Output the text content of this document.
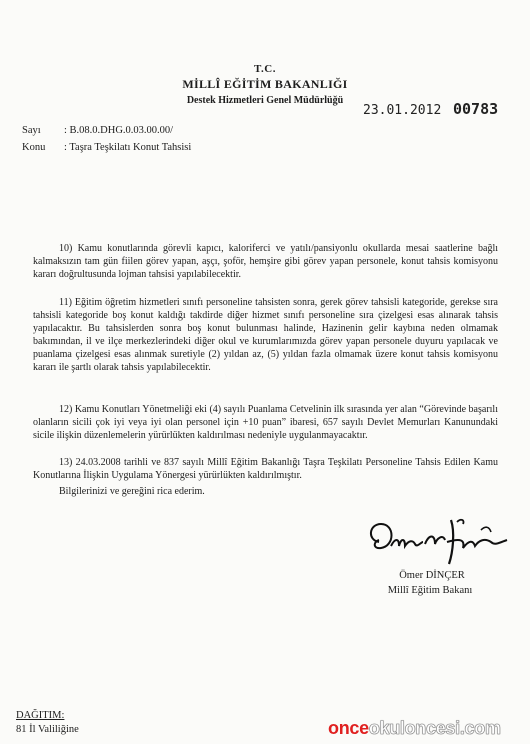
T.C.
MİLLÎ EĞİTİM BAKANLIĞI
Destek Hizmetleri Genel Müdürlüğü
23.01.2012 00783
Sayı : B.08.0.DHG.0.03.00.00/
Konu : Taşra Teşkilatı Konut Tahsisi

10) Kamu konutlarında görevli kapıcı, kaloriferci ve yatılı/pansiyonlu okullarda mesai saatlerine bağlı kalmaksızın tam gün fiilen görev yapan, aşçı, şoför, hemşire gibi görev yapan personele, konut tahsis komisyonu kararı doğrultusunda lojman tahsisi yapılabilecektir.

11) Eğitim öğretim hizmetleri sınıfı personeline tahsisten sonra, gerek görev tahsisli kategoride, gerekse sıra tahsisli kategoride boş konut kaldığı takdirde diğer hizmet sınıfı personeline sıra çizelgesi esas alınarak tahsis yapılacaktır. Bu tahsislerden sonra boş konut bulunması halinde, Hazinenin gelir kaybına neden olmamak bakımından, il ve ilçe merkezlerindeki diğer okul ve kurumlarımızda görev yapan personele duyuru yapılacak ve puanlama çizelgesi esas alınmak suretiyle (2) yıldan az, (5) yıldan fazla olmamak üzere konut tahsis komisyonu kararı ile şartlı olarak tahsis yapılabilecektir.

12) Kamu Konutları Yönetmeliği eki (4) sayılı Puanlama Cetvelinin ilk sırasında yer alan “Görevinde başarılı olanların sicili çok iyi veya iyi olan personel için +10 puan” ibaresi, 657 sayılı Devlet Memurları Kanunundaki sicile ilişkin düzenlemelerin yürürlükten kaldırılması nedeniyle uygulanmayacaktır.

13) 24.03.2008 tarihli ve 837 sayılı Millî Eğitim Bakanlığı Taşra Teşkilatı Personeline Tahsis Edilen Kamu Konutlarına İlişkin Uygulama Yönergesi yürürlükten kaldırılmıştır.

Bilgilerinizi ve gereğini rica ederim.

Ömer DİNÇER
Millî Eğitim Bakanı
DAĞITIM:
81 İl Valiliğine	onceokuloncesi.com
